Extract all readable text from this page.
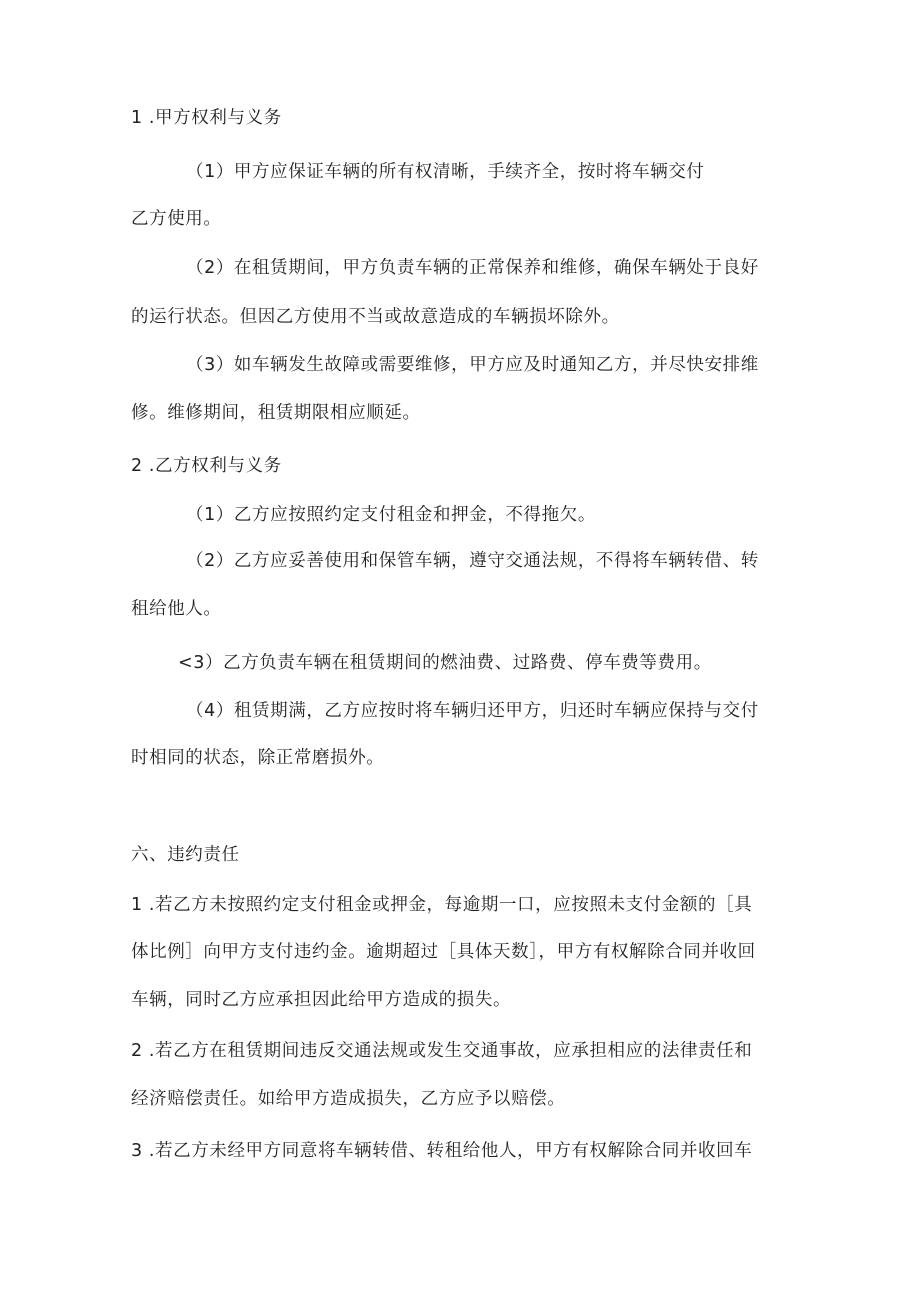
1 .甲方权利与义务
（1）甲方应保证车辆的所有权清晰，手续齐全，按时将车辆交付
乙方使用。
（2）在租赁期间，甲方负责车辆的正常保养和维修，确保车辆处于良好
的运行状态。但因乙方使用不当或故意造成的车辆损坏除外。
（3）如车辆发生故障或需要维修，甲方应及时通知乙方，并尽快安排维
修。维修期间，租赁期限相应顺延。
2 .乙方权利与义务
（1）乙方应按照约定支付租金和押金，不得拖欠。
（2）乙方应妥善使用和保管车辆，遵守交通法规，不得将车辆转借、转
租给他人。
<3）乙方负责车辆在租赁期间的燃油费、过路费、停车费等费用。
（4）租赁期满，乙方应按时将车辆归还甲方，归还时车辆应保持与交付
时相同的状态，除正常磨损外。
六、违约责任
1 .若乙方未按照约定支付租金或押金，每逾期一口，应按照未支付金额的［具
体比例］向甲方支付违约金。逾期超过［具体天数］，甲方有权解除合同并收回
车辆，同时乙方应承担因此给甲方造成的损失。
2 .若乙方在租赁期间违反交通法规或发生交通事故，应承担相应的法律责任和
经济赔偿责任。如给甲方造成损失，乙方应予以赔偿。
3 .若乙方未经甲方同意将车辆转借、转租给他人，甲方有权解除合同并收回车
